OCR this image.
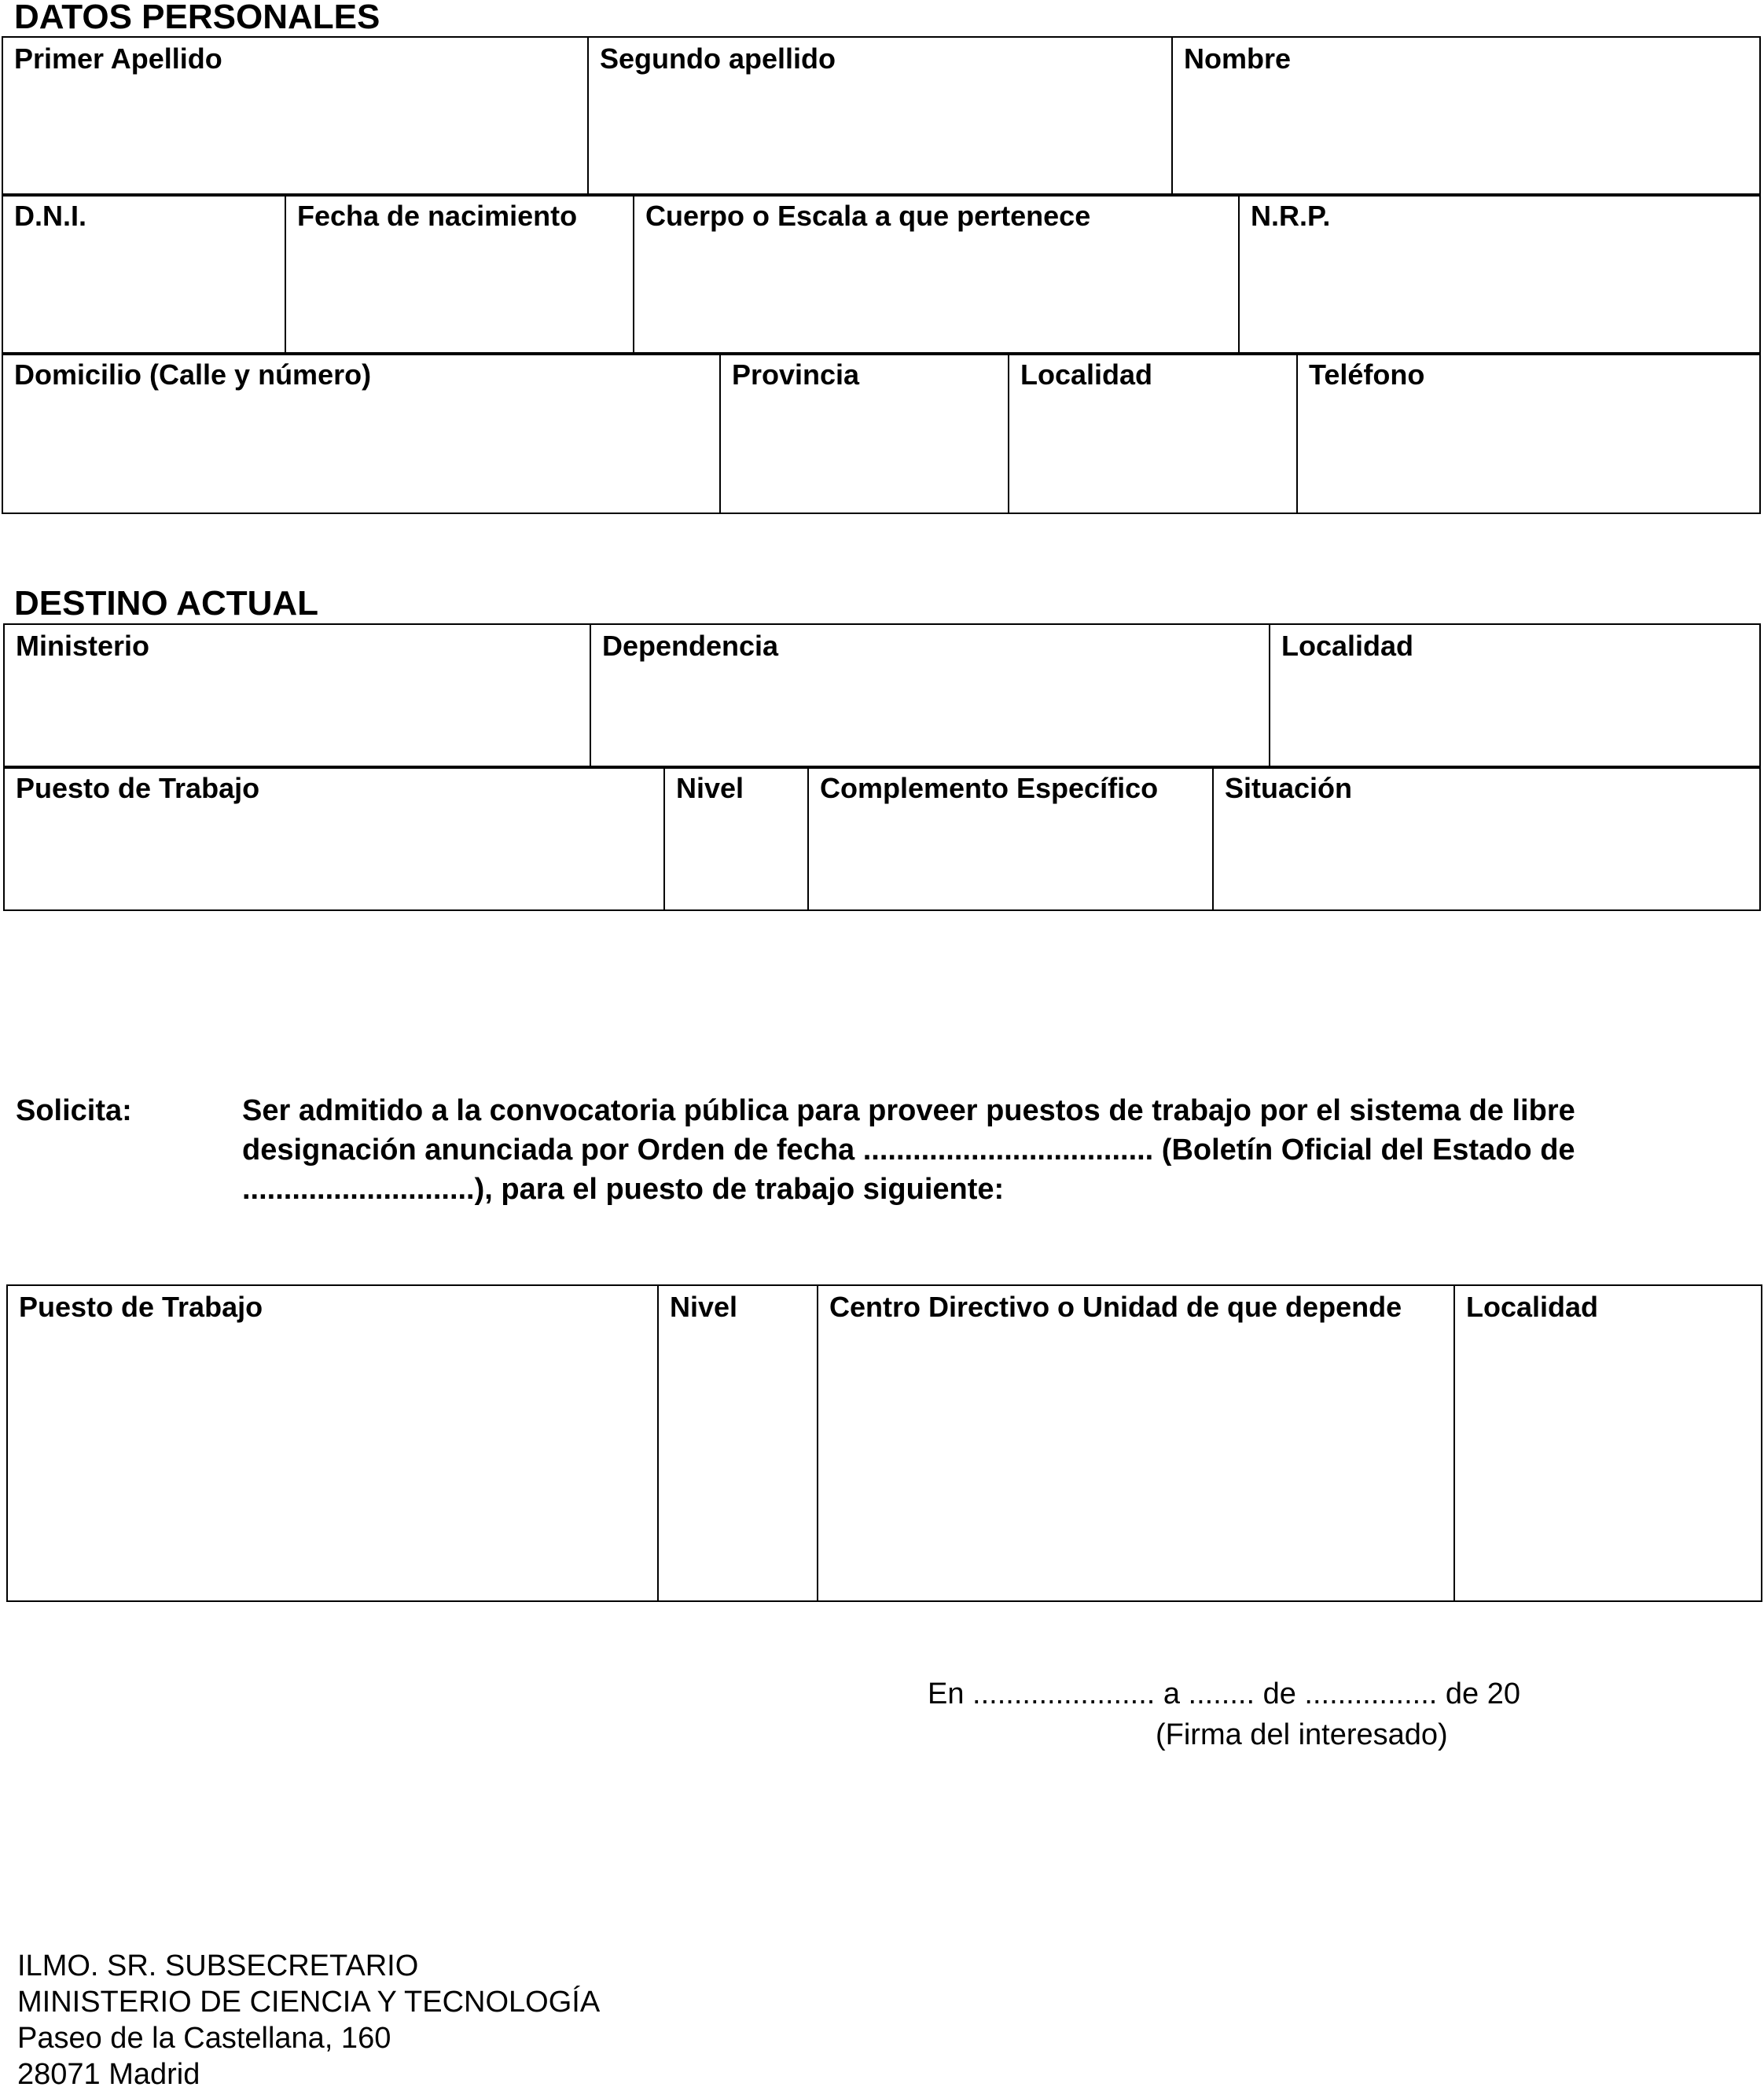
DATOS PERSONALES
Primer Apellido	Segundo apellido	Nombre
D.N.I.	Fecha de nacimiento	Cuerpo o Escala a que pertenece	N.R.P.
Domicilio (Calle y número)	Provincia	Localidad	Teléfono
DESTINO ACTUAL
Ministerio	Dependencia	Localidad
Puesto de Trabajo	Nivel	Complemento Específico	Situación
Solicita:	Ser admitido a la convocatoria pública para proveer puestos de trabajo por el sistema de libre
designación anunciada por Orden de fecha ................................... (Boletín Oficial del Estado de
............................), para el puesto de trabajo siguiente:

Puesto de Trabajo	Nivel	Centro Directivo o Unidad de que depende	Localidad
En ...................... a ........ de ................ de 20
(Firma del interesado)
ILMO. SR. SUBSECRETARIO
MINISTERIO DE CIENCIA Y TECNOLOGÍA
Paseo de la Castellana, 160
28071 Madrid
